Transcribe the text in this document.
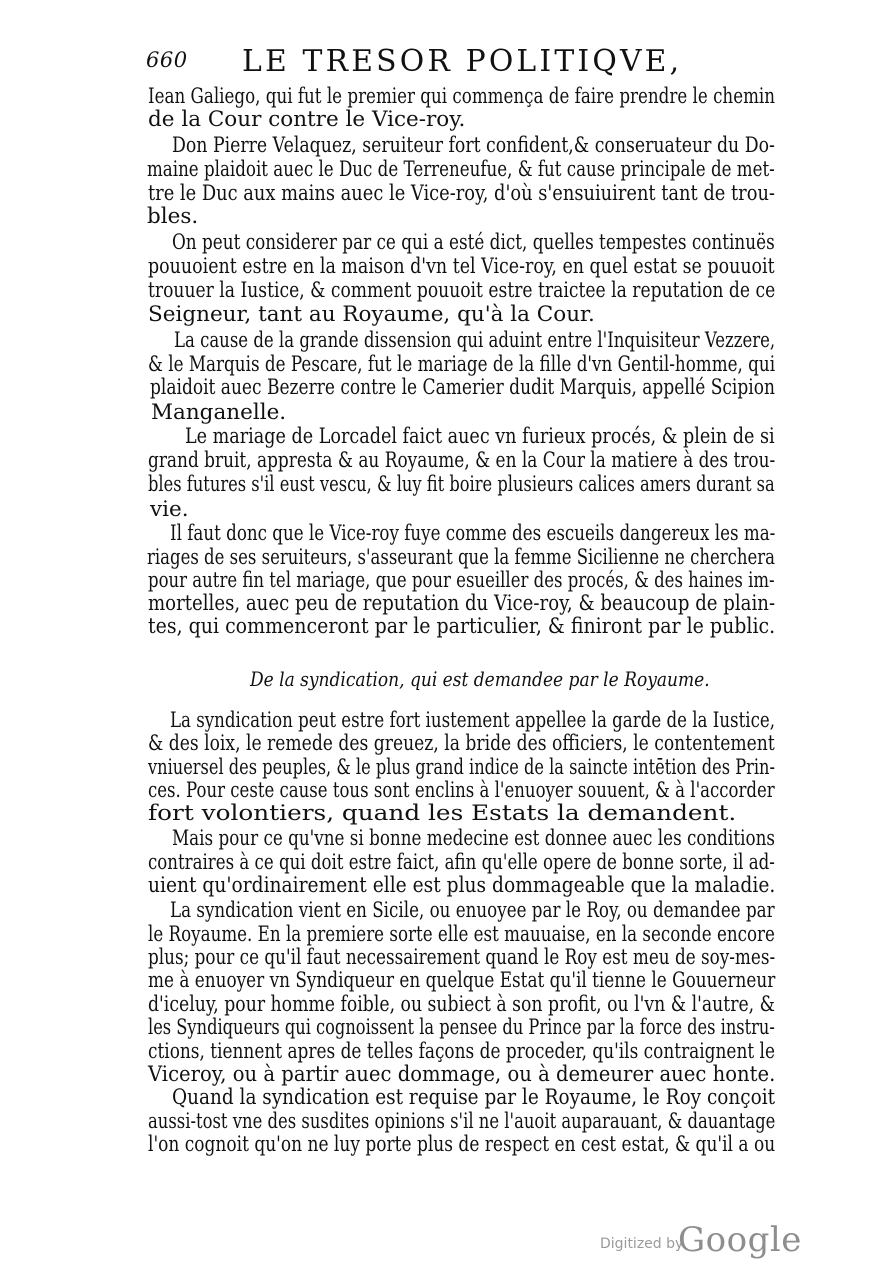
660 LE TRESOR POLITIQVE,
Iean Galiego, qui fut le premier qui commença de faire prendre le chemin
de la Cour contre le Vice-roy.
Don Pierre Velaquez, seruiteur fort confident,& conseruateur du Do-
maine plaidoit auec le Duc de Terreneufue, & fut cause principale de met-
tre le Duc aux mains auec le Vice-roy, d'où s'ensuiuirent tant de trou-
bles.
On peut considerer par ce qui a esté dict, quelles tempestes continuës
pouuoient estre en la maison d'vn tel Vice-roy, en quel estat se pouuoit
trouuer la Iustice, & comment pouuoit estre traictee la reputation de ce
Seigneur, tant au Royaume, qu'à la Cour.
La cause de la grande dissension qui aduint entre l'Inquisiteur Vezzere,
& le Marquis de Pescare, fut le mariage de la fille d'vn Gentil-homme, qui
plaidoit auec Bezerre contre le Camerier dudit Marquis, appellé Scipion
Manganelle.
Le mariage de Lorcadel faict auec vn furieux procés, & plein de si
grand bruit, appresta & au Royaume, & en la Cour la matiere à des trou-
bles futures s'il eust vescu, & luy fit boire plusieurs calices amers durant sa
vie.
Il faut donc que le Vice-roy fuye comme des escueils dangereux les ma-
riages de ses seruiteurs, s'asseurant que la femme Sicilienne ne cherchera
pour autre fin tel mariage, que pour esueiller des procés, & des haines im-
mortelles, auec peu de reputation du Vice-roy, & beaucoup de plain-
tes, qui commenceront par le particulier, & finiront par le public.
De la syndication, qui est demandee par le Royaume.
La syndication peut estre fort iustement appellee la garde de la Iustice,
& des loix, le remede des greuez, la bride des officiers, le contentement
vniuersel des peuples, & le plus grand indice de la saincte intētion des Prin-
ces. Pour ceste cause tous sont enclins à l'enuoyer souuent, & à l'accorder
fort volontiers, quand les Estats la demandent.
Mais pour ce qu'vne si bonne medecine est donnee auec les conditions
contraires à ce qui doit estre faict, afin qu'elle opere de bonne sorte, il ad-
uient qu'ordinairement elle est plus dommageable que la maladie.
La syndication vient en Sicile, ou enuoyee par le Roy, ou demandee par
le Royaume. En la premiere sorte elle est mauuaise, en la seconde encore
plus; pour ce qu'il faut necessairement quand le Roy est meu de soy-mes-
me à enuoyer vn Syndiqueur en quelque Estat qu'il tienne le Gouuerneur
d'iceluy, pour homme foible, ou subiect à son profit, ou l'vn & l'autre, &
les Syndiqueurs qui cognoissent la pensee du Prince par la force des instru-
ctions, tiennent apres de telles façons de proceder, qu'ils contraignent le
Viceroy, ou à partir auec dommage, ou à demeurer auec honte.
Quand la syndication est requise par le Royaume, le Roy conçoit
aussi-tost vne des susdites opinions s'il ne l'auoit auparauant, & dauantage
l'on cognoit qu'on ne luy porte plus de respect en cest estat, & qu'il a ou
Digitized by
Google
